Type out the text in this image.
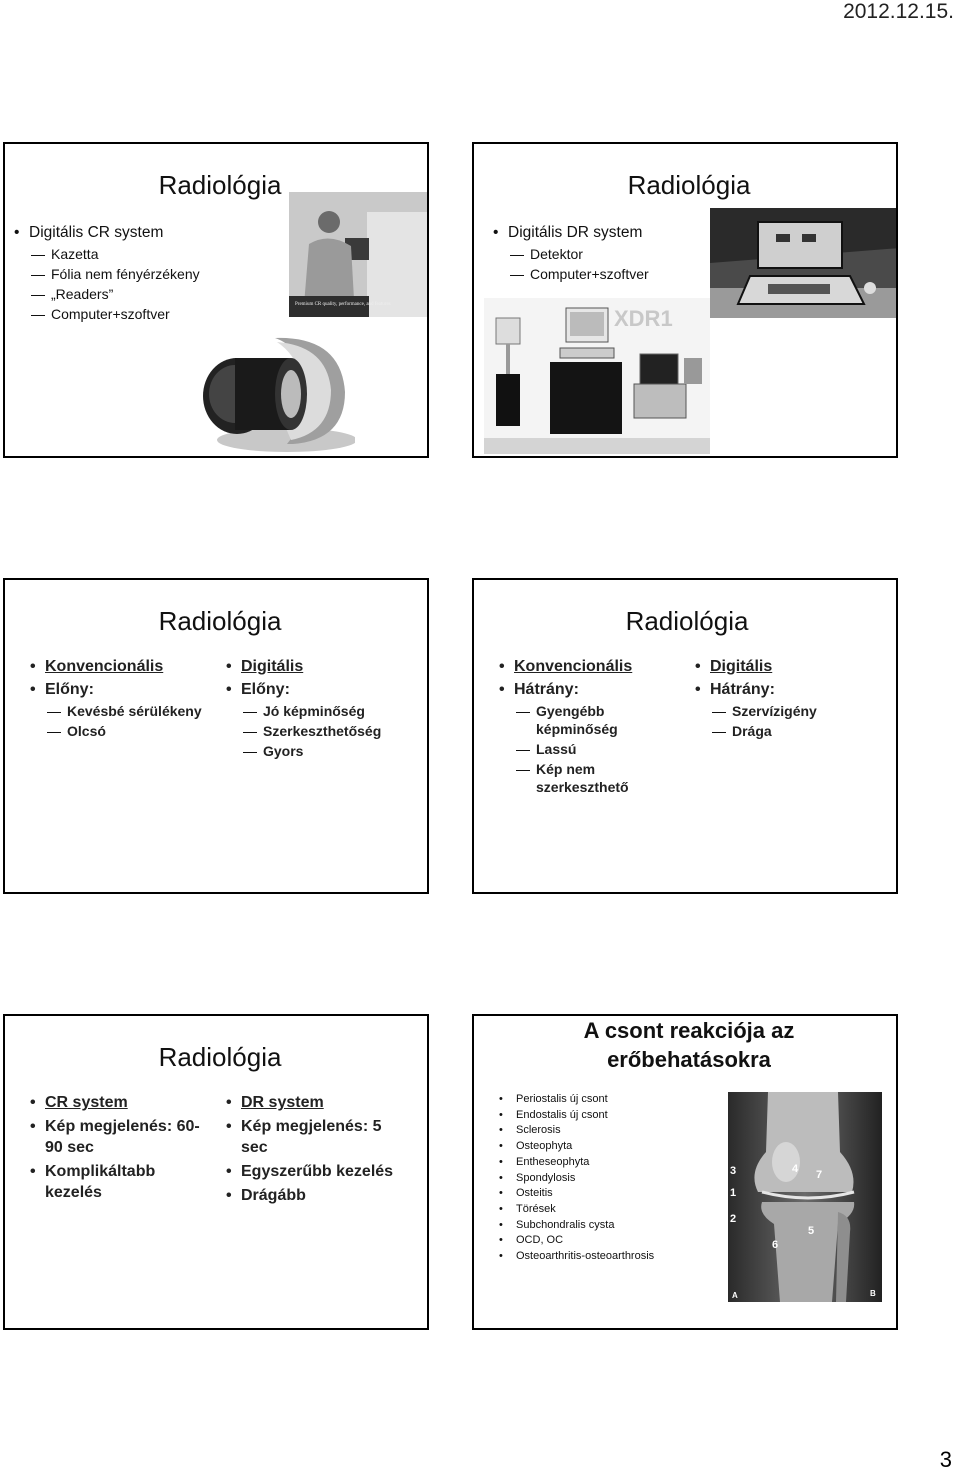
2012.12.15.
Radiológia
• Digitális CR system
Kazetta
Fólia nem fényérzékeny
„Readers”
Computer+szoftver
Premium CR quality, performance, and features
Radiológia
• Digitális DR system
Detektor
Computer+szoftver
XDR1
Radiológia
• Konvencionális
• Előny:
Kevésbé sérülékeny
Olcsó
• Digitális
• Előny:
Jó képminőség
Szerkeszthetőség
Gyors
Radiológia
• Konvencionális
• Hátrány:
Gyengébb képminőség
Lassú
Kép nem szerkeszthető
• Digitális
• Hátrány:
Szervízigény
Drága
Radiológia
• CR system
• Kép megjelenés: 60-90 sec
• Komplikáltabb kezelés
• DR system
• Kép megjelenés: 5 sec
• Egyszerűbb kezelés
• Drágább
A csont reakciója az
erőbehatásokra
• Periostalis új csont
• Endostalis új csont
• Sclerosis
• Osteophyta
• Entheseophyta
• Spondylosis
• Osteitis
• Törések
• Subchondralis cysta
• OCD, OC
• Osteoarthritis-osteoarthrosis
3	4 7
1
2
5
6
A	B
3
